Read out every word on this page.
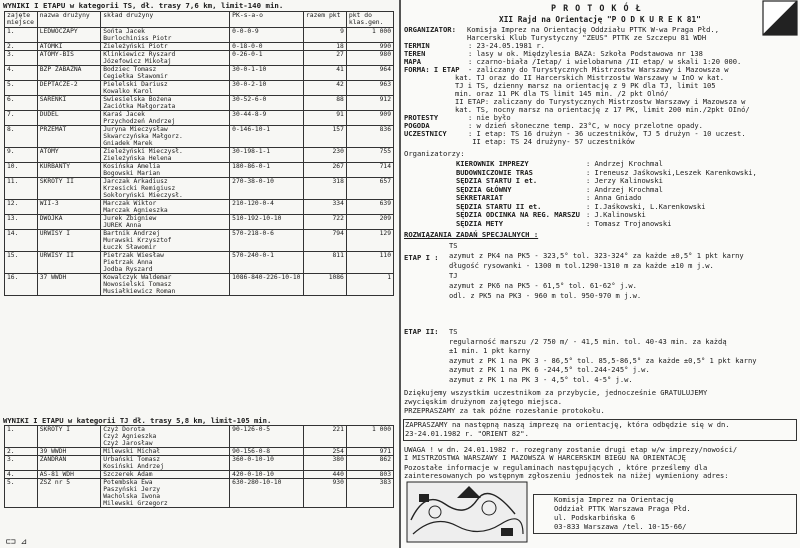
WYNIKI I ETAPU w kategorii TS, dł. trasy 7,6 km, limit-140 min.
zajęte miejsce	nazwa drużyny	skład drużyny	PK-s-a-o	razem pkt	pkt do klas.gen.
1.	LEDWOCZAPY	Sońta Jacek
Burlochiniss Piotr	0-0-0-9	9	1 000
2.	ATOMKI	Zieleżyński Piotr	0-18-0-0	18	990
3.	ATOMY-BIS	Klinkiewicz Ryszard
Józefowicz Mikołaj	0-26-0-1	27	980
4.	BZP ŻABAZNA	Bodziec Tomasz
Cegiełka Sławomir	30-0-1-10	41	964
5.	DEPTACZE-2	Pielelski Dariusz
Kowalko Karol	30-0-2-10	42	963
6.	SARENKI	Świesielska Bożena
Zaciótka Małgorzata	30-52-6-0	88	912
7.	DUDEL	Karaś Jacek
Przychodzeń Andrzej	30-44-8-9	91	909
8.	PRZEMAT	Juryna Mieczysław
Skwarczyńska Małgorz.
Gniadek Marek	0-146-10-1	157	836
9.	ATOMY	Zieleżyński Mieczysł.
Zieleżyńska Helena	30-198-1-1	230	755
10.	KURBANTY	Kosińska Amelia
Bogowski Marian	180-86-0-1	267	714
11.	SKROTY II	Jarczak Arkadiusz
Krzesicki Remigiusz
Sokłoryński Mieczysł.	270-38-0-10	318	657
12.	WII-3	Marczak Wiktor
Marczak Agnieszka	210-120-0-4	334	639
13.	DWÓJKA	Jurek Zbigniew
JUREK Anna	510-192-10-10	722	209
14.	URWISY I	Bartnik Andrzej
Murawski Krzysztof
Łuczk Sławomir	570-218-0-6	794	129
15.	URWISY II	Pietrzak Wiesław
Pietrzak Anna
Jodba Ryszard	570-240-0-1	811	110
16.	37 WWDH	Kowalczyk Waldemar
Nowosielski Tomasz
Musiałkiewicz Roman	1086-840-226-10-10	1086	1
WYNIKI I ETAPU w kategorii TJ dł. trasy 5,8 km, limit-105 min.
1.	SKROTY I	Czyż Dorota
Czyż Agnieszka
Czyż Jarosław	90-126-0-5	221	1 000
2.	39 WWDH	Milewski Michał	90-156-0-8	254	971
3.	ZANDRAN	Urbański Tomasz
Kosiński Andrzej	360-0-10-10	380	862
4.	AS-81 WDH	Szczerek Adam	420-0-10-10	440	803
5.	ZSZ nr 5	Potembska Ewa
Paszyński Jerzy
Wacholska Iwona
Milewski Grzegorz	630-280-10-10	930	383
⊏⊐ ⊿
P R O T O K Ó Ł
XII Rajd na Orientację "P O D K U R E K 81"
ORGANIZATOR: Komisja Imprez na Orientację Oddziału PTTK W-wa Praga Płd.,
Harcerski Klub Turystyczny "ZEUS" PTTK ze Szczepu 81 WDH
TERMIN	: 23-24.05.1981 r.
TEREN	: lasy w ok. Międzylesia BAZA: Szkoła Podstawowa nr 138
MAPA	: czarno-biała /Ietap/ i wielobarwna /II etap/ w skali 1:20 000.
FORMA: I ETAP - zaliczany do Turystycznych Mistrzostw Warszawy i Mazowsza w
kat. TJ oraz do II Harcerskich Mistrzostw Warszawy w InO w kat.
TJ i TS, dzienny marsz na orientację z 9 PK dla TJ, limit 105
min. oraz 11 PK dla TS limit 145 min. /2 pkt Olnó/
II ETAP: zaliczany do Turystycznych Mistrzostw Warszawy i Mazowsza w
kat. TS, nocny marsz na orientację z 17 PK, limit 200 min./2pkt OInó/
PROTESTY	: nie było
POGODA	: w dzień słoneczne temp. 23°C, w nocy przelotne opady.
UCZESTNICY	: I etap: TS 16 drużyn - 36 uczestników, TJ 5 drużyn - 10 uczest.
II etap: TS 24 drużyny- 57 uczestników
Organizatorzy:
KIEROWNIK IMPREZY	: Andrzej Krochmal
BUDOWNICZOWIE TRAS	: Ireneusz Jaśkowski,Leszek Karenkowski,
SĘDZIA STARTU I et.	: Jerzy Kalinowski
SĘDZIA GŁÓWNY	: Andrzej Krochmal
SEKRETARIAT	: Anna Gniado
SĘDZIA STARTU II et.	: I.Jaśkowski, L.Karenkowski
SĘDZIA ODCINKA NA REG. MARSZU : J.Kalinowski
SĘDZIA METY	: Tomasz Trojanowski
ROZWIĄZANIA ZADAŃ SPECJALNYCH :
ETAP I :
TS
azymut z PK4 na PK5 - 323,5° tol. 323-324° za każde ±0,5° 1 pkt karny
długość rysowanki - 1300 m tol.1290-1310 m za każde ±10 m j.w.
TJ
azymut z PK6 na PK5 - 61,5° tol. 61-62° j.w.
odl. z PK5 na PK3 - 960 m tol. 950-970 m j.w.
ETAP II: TS
regularność marszu /2 750 m/ - 41,5 min. tol. 40-43 min. za każdą
±1 min. 1 pkt karny
azymut z PK 1 na PK 3 - 86,5° tol. 85,5-86,5° za każde ±0,5° 1 pkt karny
azymut z PK 1 na PK 6 -244,5° tol.244-245° j.w.
azymut z PK 1 na PK 3 - 4,5° tol. 4-5° j.w.
Dziękujemy wszystkim uczestnikom za przybycie, jednocześnie GRATULUJEMY
zwycięskim drużynom zajętego miejsca.
PRZEPRASZAMY za tak późne rozesłanie protokołu.
ZAPRASZAMY na następną naszą imprezę na orientację, która odbędzie się w dn.
23-24.01.1982 r. "ORIENT 82".
UWAGA ! w dn. 24.01.1982 r. rozegrany zostanie drugi etap w/w imprezy/nowości/
I MISTRZOSTWA WARSZAWY I MAZOWSZA W HARCERSKIM BIEGU NA ORIENTACJĘ
Pozostałe informacje w regulaminach następujących , które prześlemy dla
zainteresowanych po wstępnym zgłoszeniu jednostek na niżej wymieniony adres:
Komisja Imprez na Orientację
Oddział PTTK Warszawa Praga Płd.
ul. Podskarbińska 6
03-833 Warszawa /tel. 10-15-66/
